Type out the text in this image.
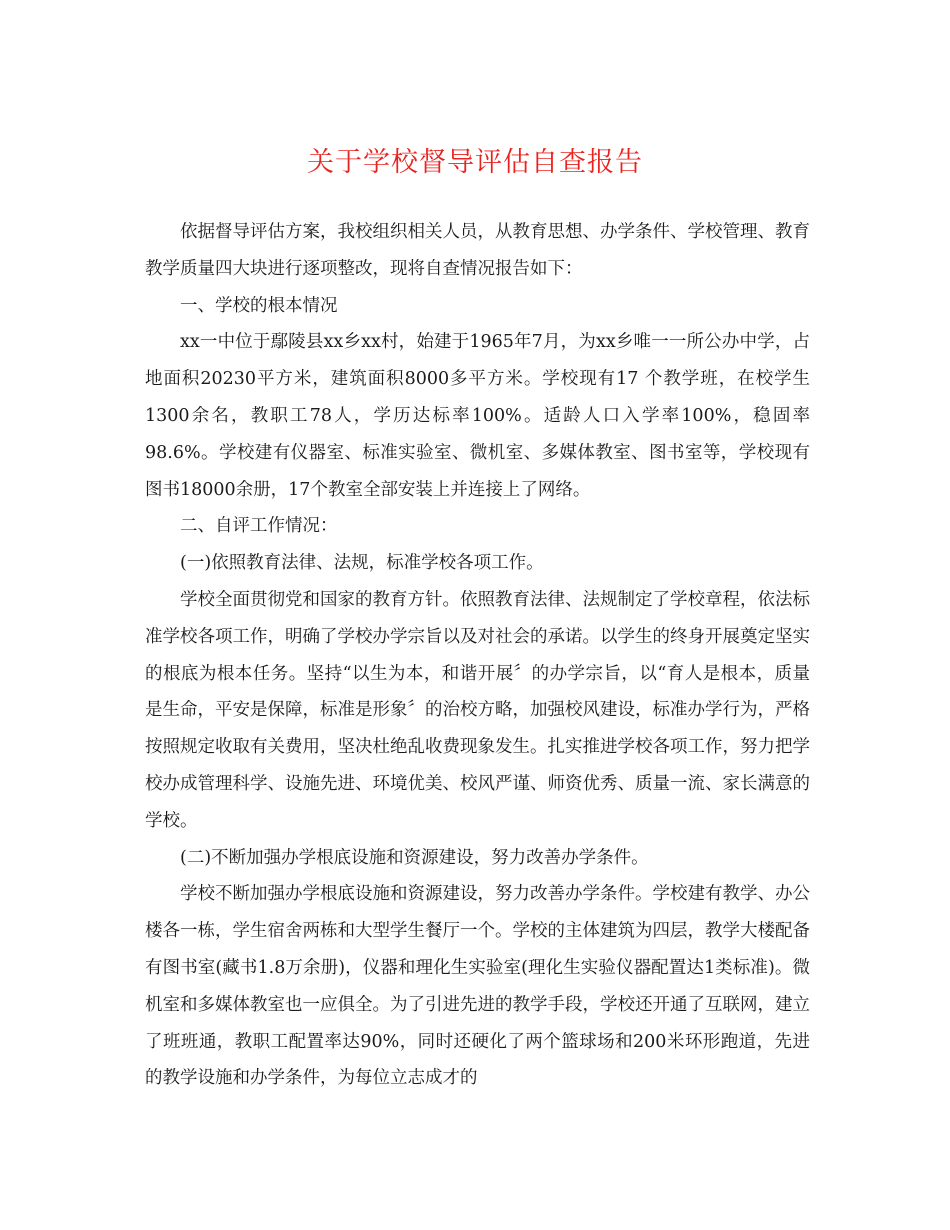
关于学校督导评估自查报告

依据督导评估方案，我校组织相关人员，从教育思想、办学条件、学校管理、教育教学质量四大块进行逐项整改，现将自查情况报告如下：

一、学校的根本情况

xx一中位于鄢陵县xx乡xx村，始建于1965年7月，为xx乡唯一一所公办中学，占地面积20230平方米，建筑面积8000多平方米。学校现有17 个教学班，在校学生1300余名，教职工78人，学历达标率100%。适龄人口入学率100%，稳固率98.6%。学校建有仪器室、标准实验室、微机室、多媒体教室、图书室等，学校现有图书18000余册，17个教室全部安装上并连接上了网络。

二、自评工作情况：

(一)依照教育法律、法规，标准学校各项工作。

学校全面贯彻党和国家的教育方针。依照教育法律、法规制定了学校章程，依法标准学校各项工作，明确了学校办学宗旨以及对社会的承诺。以学生的终身开展奠定坚实的根底为根本任务。坚持“以生为本，和谐开展〞的办学宗旨，以“育人是根本，质量是生命，平安是保障，标准是形象〞的治校方略，加强校风建设，标准办学行为，严格按照规定收取有关费用，坚决杜绝乱收费现象发生。扎实推进学校各项工作，努力把学校办成管理科学、设施先进、环境优美、校风严谨、师资优秀、质量一流、家长满意的学校。

(二)不断加强办学根底设施和资源建设，努力改善办学条件。

学校不断加强办学根底设施和资源建设，努力改善办学条件。学校建有教学、办公楼各一栋，学生宿舍两栋和大型学生餐厅一个。学校的主体建筑为四层，教学大楼配备有图书室(藏书1.8万余册)，仪器和理化生实验室(理化生实验仪器配置达1类标准)。微机室和多媒体教室也一应俱全。为了引进先进的教学手段，学校还开通了互联网，建立了班班通，教职工配置率达90%，同时还硬化了两个篮球场和200米环形跑道，先进的教学设施和办学条件，为每位立志成才的
